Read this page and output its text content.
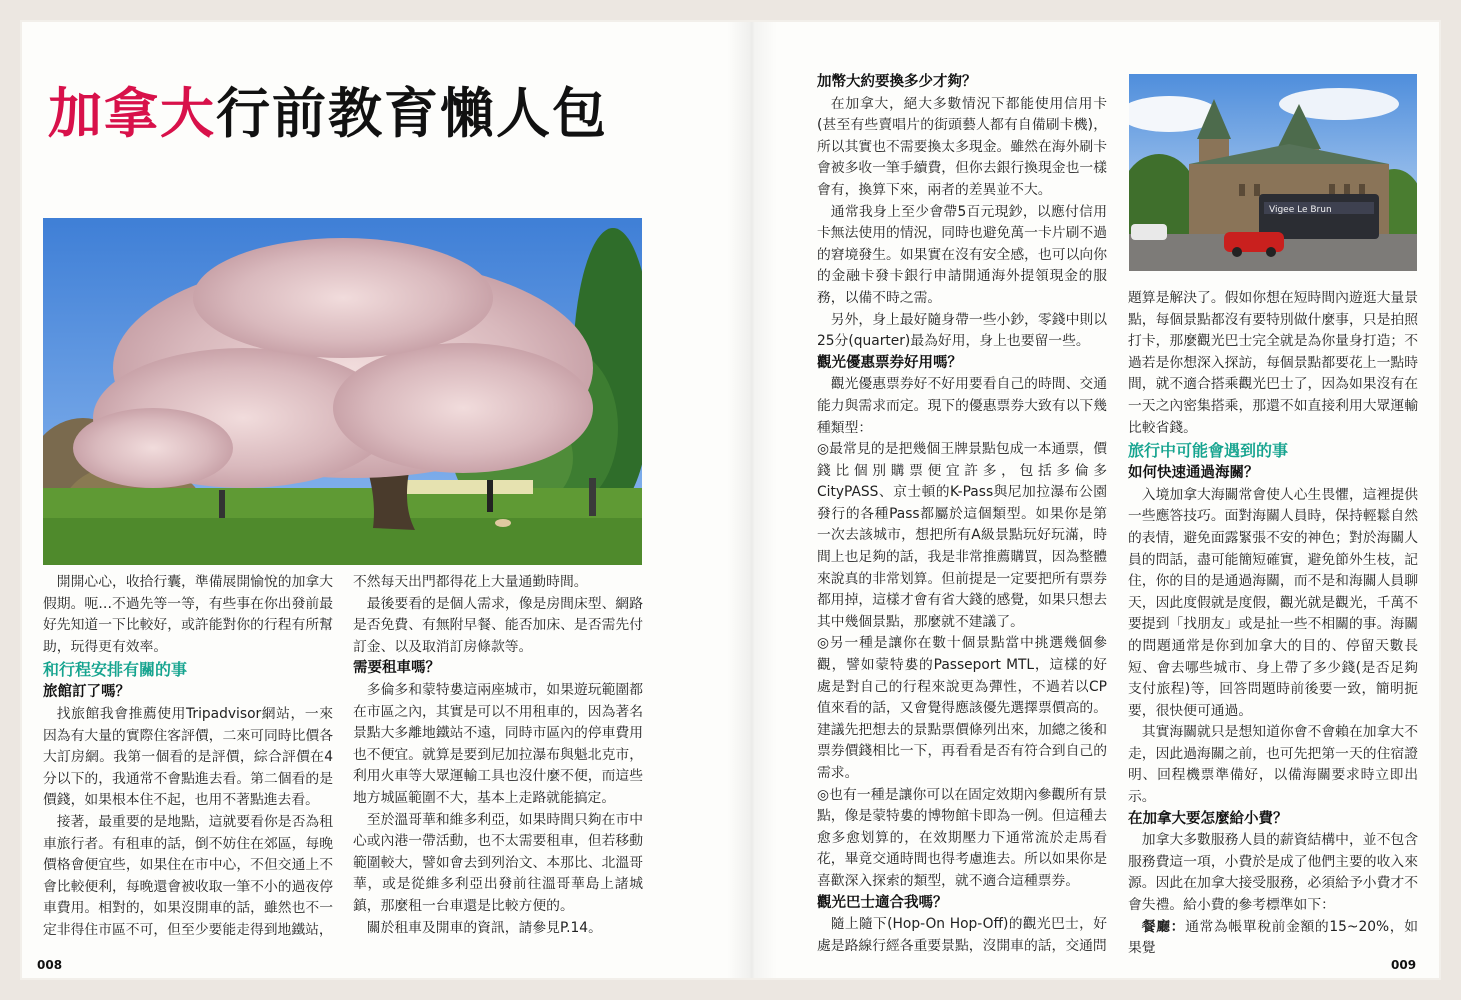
加拿大行前教育懶人包
Vigee Le Brun

開開心心，收拾行囊，準備展開愉悅的加拿大假期。呃…不過先等一等，有些事在你出發前最好先知道一下比較好，或許能對你的行程有所幫助，玩得更有效率。

和行程安排有關的事
旅館訂了嗎？

找旅館我會推薦使用Tripadvisor網站，一來因為有大量的實際住客評價，二來可同時比價各大訂房網。我第一個看的是評價，綜合評價在4分以下的，我通常不會點進去看。第二個看的是價錢，如果根本住不起，也用不著點進去看。

接著，最重要的是地點，這就要看你是否為租車旅行者。有租車的話，倒不妨住在郊區，每晚價格會便宜些，如果住在市中心，不但交通上不會比較便利，每晚還會被收取一筆不小的過夜停車費用。相對的，如果沒開車的話，雖然也不一定非得住市區不可，但至少要能走得到地鐵站，

不然每天出門都得花上大量通勤時間。

最後要看的是個人需求，像是房間床型、網路是否免費、有無附早餐、能否加床、是否需先付訂金、以及取消訂房條款等。

需要租車嗎？

多倫多和蒙特婁這兩座城市，如果遊玩範圍都在市區之內，其實是可以不用租車的，因為著名景點大多離地鐵站不遠，同時市區內的停車費用也不便宜。就算是要到尼加拉瀑布與魁北克市，利用火車等大眾運輸工具也沒什麼不便，而這些地方城區範圍不大，基本上走路就能搞定。

至於溫哥華和維多利亞，如果時間只夠在市中心或內港一帶活動，也不太需要租車，但若移動範圍較大，譬如會去到列治文、本那比、北溫哥華，或是從維多利亞出發前往溫哥華島上諸城鎮，那麼租一台車還是比較方便的。

關於租車及開車的資訊，請參見P.14。

加幣大約要換多少才夠？

在加拿大，絕大多數情況下都能使用信用卡(甚至有些賣唱片的街頭藝人都有自備刷卡機)，所以其實也不需要換太多現金。雖然在海外刷卡會被多收一筆手續費，但你去銀行換現金也一樣會有，換算下來，兩者的差異並不大。

通常我身上至少會帶5百元現鈔，以應付信用卡無法使用的情況，同時也避免萬一卡片刷不過的窘境發生。如果實在沒有安全感，也可以向你的金融卡發卡銀行申請開通海外提領現金的服務，以備不時之需。

另外，身上最好隨身帶一些小鈔，零錢中則以25分(quarter)最為好用，身上也要留一些。

觀光優惠票券好用嗎？

觀光優惠票券好不好用要看自己的時間、交通能力與需求而定。現下的優惠票券大致有以下幾種類型：

◎最常見的是把幾個王牌景點包成一本通票，價錢比個別購票便宜許多，包括多倫多CityPASS、京士頓的K-Pass與尼加拉瀑布公園發行的各種Pass都屬於這個類型。如果你是第一次去該城市，想把所有A級景點玩好玩滿，時間上也足夠的話，我是非常推薦購買，因為整體來說真的非常划算。但前提是一定要把所有票券都用掉，這樣才會有省大錢的感覺，如果只想去其中幾個景點，那麼就不建議了。

◎另一種是讓你在數十個景點當中挑選幾個參觀，譬如蒙特婁的Passeport MTL，這樣的好處是對自己的行程來說更為彈性，不過若以CP值來看的話，又會覺得應該優先選擇票價高的。建議先把想去的景點票價條列出來，加總之後和票券價錢相比一下，再看看是否有符合到自己的需求。

◎也有一種是讓你可以在固定效期內參觀所有景點，像是蒙特婁的博物館卡即為一例。但這種去愈多愈划算的，在效期壓力下通常流於走馬看花，畢竟交通時間也得考慮進去。所以如果你是喜歡深入探索的類型，就不適合這種票券。

觀光巴士適合我嗎？

隨上隨下(Hop-On Hop-Off)的觀光巴士，好處是路線行經各重要景點，沒開車的話，交通問

題算是解決了。假如你想在短時間內遊逛大量景點，每個景點都沒有要特別做什麼事，只是拍照打卡，那麼觀光巴士完全就是為你量身打造；不過若是你想深入探訪，每個景點都要花上一點時間，就不適合搭乘觀光巴士了，因為如果沒有在一天之內密集搭乘，那還不如直接利用大眾運輸比較省錢。

旅行中可能會遇到的事
如何快速通過海關？

入境加拿大海關常會使人心生畏懼，這裡提供一些應答技巧。面對海關人員時，保持輕鬆自然的表情，避免面露緊張不安的神色；對於海關人員的問話，盡可能簡短確實，避免節外生枝，記住，你的目的是通過海關，而不是和海關人員聊天，因此度假就是度假，觀光就是觀光，千萬不要提到「找朋友」或是扯一些不相關的事。海關的問題通常是你到加拿大的目的、停留天數長短、會去哪些城市、身上帶了多少錢(是否足夠支付旅程)等，回答問題時前後要一致，簡明扼要，很快便可通過。

其實海關就只是想知道你會不會賴在加拿大不走，因此過海關之前，也可先把第一天的住宿證明、回程機票準備好，以備海關要求時立即出示。

在加拿大要怎麼給小費？

加拿大多數服務人員的薪資結構中，並不包含服務費這一項，小費於是成了他們主要的收入來源。因此在加拿大接受服務，必須給予小費才不會失禮。給小費的參考標準如下：

餐廳：通常為帳單稅前金額的15~20%，如果覺

008	009
